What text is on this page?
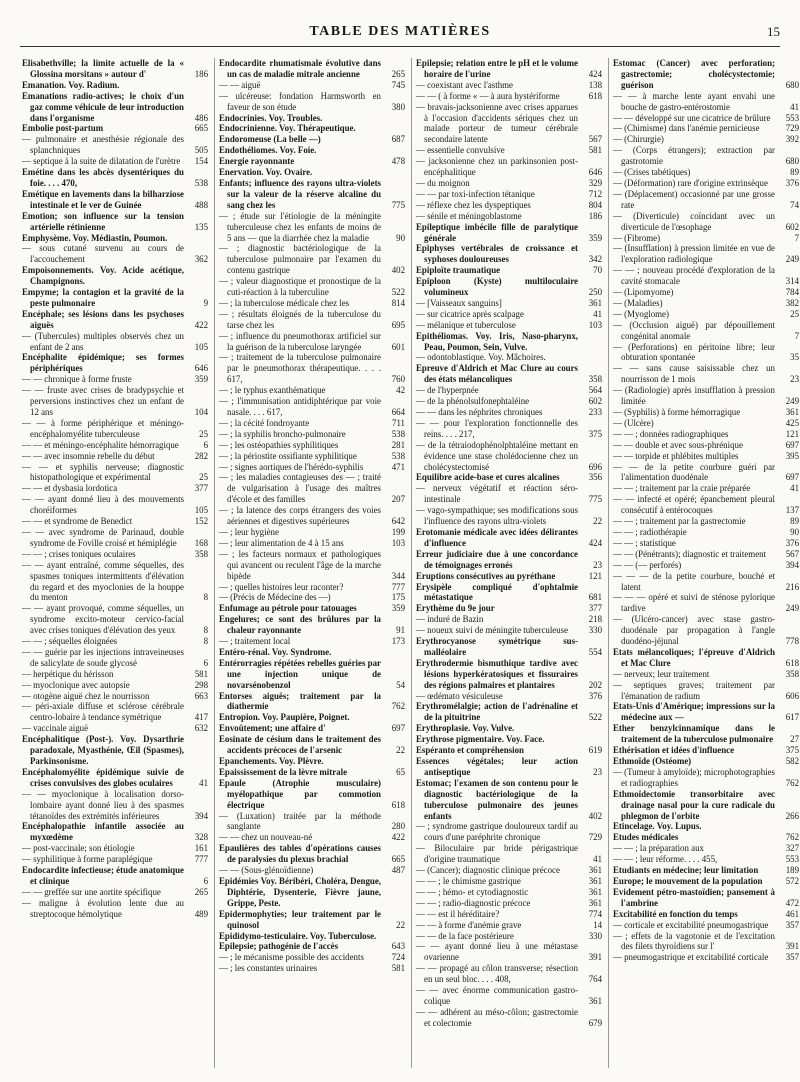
TABLE DES MATIÈRES	15

Elisabethville; la limite actuelle de la « Glossina morsitans » autour d'	186

Emanation. Voy. Radium.

Emanations radio-actives; le choix d'un gaz comme véhicule de leur introduction dans l'organisme	486

Embolie post-partum	665

— pulmonaire et anesthésie régionale des splanchniques	505

— septique à la suite de dilatation de l'urètre 154

Emétine dans les abcès dysentériques du foie. . . . 470,	538

Emétique en lavements dans la bilharziose intestinale et le ver de Guinée	488

Emotion; son influence sur la tension artérielle rétinienne	135

Emphysème. Voy. Médiastin, Poumon.

— sous cutané survenu au cours de l'accouchement	362

Empoisonnements. Voy. Acide acétique, Champignons.

Empyme; la contagion et la gravité de la peste pulmonaire	9

Encéphale; ses lésions dans les psychoses aiguës	422

— (Tubercules) multiples observés chez un enfant de 2 ans	105

Encéphalite épidémique; ses formes périphériques	646

— — chronique à forme fruste	359

— — fruste avec crises de bradypsychie et perversions instinctives chez un enfant de 12 ans	104

— — à forme périphérique et méningo-encéphalomyélite tuberculeuse	25

— — et méningo-encéphalite hémorragique	6

— — avec insomnie rebelle du début	282

— — et syphilis nerveuse; diagnostic histopathologique et expérimental	25

— — et dysbasia lordotica	377

— — ayant donné lieu à des mouvements choréiformes	105

— — et syndrome de Benedict	152

— — avec syndrome de Parinaud, double syndrome de Foville croisé et hémiplégie 168

— — ; crises toniques oculaires	358

— — ayant entraîné, comme séquelles, des spasmes toniques intermittents d'élévation du regard et des myoclonies de la houppe du menton	8

— — ayant provoqué, comme séquelles, un syndrome excito-moteur cervico-facial avec crises toniques d'élévation des yeux	8

— — ; séquelles éloignées	8

— — guérie par les injections intraveineuses de salicylate de soude glycosé	6

— herpétique du hérisson	581

— myoclonique avec autopsie	298

— otogène aiguë chez le nourrisson	663

— péri-axiale diffuse et sclérose cérébrale centro-lobaire à tendance symétrique	417

— vaccinale aiguë	632

Encéphalitique (Post-). Voy. Dysarthrie paradoxale, Myasthénie, Œil (Spasmes), Parkinsonisme.

Encéphalomyélite épidémique suivie de crises convulsives des globes oculaires	41

— — myoclonique à localisation dorso-lombaire ayant donné lieu à des spasmes tétanoïdes des extrémités inférieures	394

Encéphalopathie infantile associée au myxœdème	328

— post-vaccinale; son étiologie	161

— syphilitique à forme paraplégique	777

Endocardite infectieuse; étude anatomique et clinique	6

— — greffée sur une aortite spécifique	265

— maligne à évolution lente due au streptocoque hémolytique	489

Endocardite rhumatismale évolutive dans un cas de maladie mitrale ancienne	265

— — aiguë	745

— ulcéreuse: fondation Harmsworth en faveur de son étude	380

Endocrinies. Voy. Troubles.

Endocrinienne. Voy. Thérapeutique.

Endoromeuse (La belle —)	687

Endothéliomes. Voy. Foie.

Energie rayonnante	478

Enervation. Voy. Ovaire.

Enfants; influence des rayons ultra-violets sur la valeur de la réserve alcaline du sang chez les	775

— ; étude sur l'étiologie de la méningite tuberculeuse chez les enfants de moins de 5 ans — que la diarrhée chez la maladie	90

— ; diagnostic bactériologique de la tuberculose pulmonaire par l'examen du contenu gastrique	402

— ; valeur diagnostique et pronostique de la cuti-réaction à la tuberculine	522

— ; la tuberculose médicale chez les	814

— ; résultats éloignés de la tuberculose du tarse chez les	695

— ; influence du pneumothorax artificiel sur la guérison de la tuberculose laryngée	601

— ; traitement de la tuberculose pulmonaire par le pneumothorax thérapeutique. . . . 617,	760

— ; le typhus exanthématique	42

— ; l'immunisation antidiphtérique par voie nasale. . . . 617,	664

— ; la cécité fondroyante	711

— ; la syphilis broncho-pulmonaire	538

— ; les ostéopathies syphilitiques	281

— ; la périostite ossifiante syphilitique	538

— ; signes aortiques de l'hérédo-syphilis	471

— ; les maladies contagieuses des — ; traité de vulgarisation à l'usage des maîtres d'école et des familles	207

— ; la latence des corps étrangers des voies aériennes et digestives supérieures	642

— ; leur hygiène	199

— ; leur alimentation de 4 à 15 ans	103

— ; les facteurs normaux et pathologiques qui avancent ou reculent l'âge de la marche bipède	344

— ; quelles histoires leur raconter?	777

— (Précis de Médecine des —)	175

Enfumage au pétrole pour tatouages	359

Engelures; ce sont des brûlures par la chaleur rayonnante	91

— ; traitement local	173

Entéro-rénal. Voy. Syndrome.

Entérorragies répétées rebelles guéries par une injection unique de novarsénobenzol	54

Entorses aiguës; traitement par la diathermie	762

Entropion. Voy. Paupière, Poignet.

Envoûtement; une affaire d'	697

Eosinate de césium dans le traitement des accidents précoces de l'arsenic	22

Epanchements. Voy. Plèvre.

Epaississement de la lèvre mitrale	65

Epaule (Atrophie musculaire) myélopathique par commotion électrique	618

— (Luxation) traitée par la méthode sanglante	280

— — chez un nouveau-né	422

Epaulières des tables d'opérations causes de paralysies du plexus brachial	665

— — (Sous-glénoïdienne)	487

Epidémies Voy. Béribéri, Choléra, Dengue, Diphtérie, Dysenterie, Fièvre jaune, Grippe, Peste.

Epidermophyties; leur traitement par le quinosol	22

Epididymo-testiculaire. Voy. Tuberculose.

Epilepsie; pathogénie de l'accès	643

— ; le mécanisme possible des accidents	724

— ; les constantes urinaires	581

Epilepsie; relation entre le pH et le volume horaire de l'urine	424

— coexistant avec l'asthme	138

— — ( à forme « — à aura hystériforme	618

— bravais-jacksonienne avec crises apparues à l'occasion d'accidents sériques chez un malade porteur de tumeur cérébrale secondaire latente	567

— essentielle convulsive	581

— jacksonienne chez un parkinsonien post-encéphalitique	646

— du moignon	329

— — par toxi-infection tétanique	712

— réflexe chez les dyspeptiques	804

— sénile et méningoblastome	186

Epileptique imbécile fille de paralytique générale	359

Epiphyses vertébrales de croissance et syphoses douloureuses	342

Epiploïte traumatique	70

Epiploon (Kyste) multiloculaire volumineux	250

— [Vaisseaux sanguins]	361

— sur cicatrice après scalpage	41

— mélanique et tuberculose	103

Epithéliomas. Voy. Iris, Naso-pharynx, Peau, Poumon, Sein, Vulve.

— odontoblastique. Voy. Mâchoires.

Epreuve d'Aldrich et Mac Clure au cours des états mélancoliques	358

— de l'hyperpnée	564

— de la phénolsulfonephtaléine	602

— — dans les néphrites chroniques	233

— — pour l'exploration fonctionnelle des reins. . . . 217,	375

— de la tétraiodophénolphtaléine mettant en évidence une stase cholédocienne chez un cholécystectomisé	696

Equilibre acide-base et cures alcalines	356

— nerveux végétatif et réaction séro-intestinale	775

— vago-sympathique; ses modifications sous l'influence des rayons ultra-violets	22

Erotomanie médicale avec idées délirantes d'influence	424

Erreur judiciaire due à une concordance de témoignages erronés	23

Eruptions consécutives au pyréthane	121

Erysipèle compliqué d'ophtalmie métastatique	681

Erythème du 9e jour	377

— induré de Bazin	218

— noueux suivi de méningite tuberculeuse 330

Erythrocyanose symétrique sus-malléolaire	554

Erythrodermie bismuthique tardive avec lésions hyperkératosiques et fissuraires des régions palmaires et plantaires	202

— œdémato vésiculeuse	376

Erythromélalgie; action de l'adrénaline et de la pituitrine	522

Erythroplasie. Voy. Vulve.

Erythrose pigmentaire. Voy. Face.

Espéranto et compréhension	619

Essences végétales; leur action antiseptique	23

Estomac; l'examen de son contenu pour le diagnostic bactériologique de la tuberculose pulmonaire des jeunes enfants	402

— ; syndrome gastrique douloureux tardif au cours d'une paréphrite chronique	729

— Biloculaire par bride périgastrique d'origine traumatique	41

— (Cancer); diagnostic clinique précoce	361

— — ; le chimisme gastrique	361

— — ; hémo- et cytodiagnostic	361

— — ; radio-diagnostic précoce	361

— — est il héréditaire?	774

— — à forme d'anémie grave	14

— — de la face postérieure	330

— — ayant donné lieu à une métastase ovarienne	391

— — propagé au côlon transverse; résection en un seul bloc. . . . 408,	764

— — avec énorme communication gastro-colique	361

— — adhérent au méso-côlon; gastrectomie et colectomie	679

Estomac (Cancer) avec perforation; gastrectomie; cholécystectomie; guérison	680

— — à marche lente ayant envahi une bouche de gastro-entérostomie	41

— — développé sur une cicatrice de brûlure 553

— (Chimisme) dans l'anémie pernicieuse	729

— (Chirurgie)	392

— (Corps étrangers); extraction par gastrotomie	680

— (Crises tabétiques)	89

— (Déformation) rare d'origine extrinsèque 376

— (Déplacement) occasionné par une grosse rate	74

— (Diverticule) coïncidant avec un diverticule de l'œsophage	602

— (Fibrome)	7

— (Insufflation) à pression limitée en vue de l'exploration radiologique	249

— — ; nouveau procédé d'exploration de la cavité stomacale	314

— (Lipomyome)	784

— (Maladies)	382

— (Myoglome)	25

— (Occlusion aiguë) par dépouillement congénital anomale	7

— (Perforations) en péritoine libre; leur obturation spontanée	35

— — sans cause saisissable chez un nourrisson de 1 mois	23

— (Radiologie) après insufflation à pression limitée	249

— (Syphilis) à forme hémorragique	361

— (Ulcère)	425

— — ; données radiographiques	121

— — double et avec sous-phrénique	697

— — torpide et phlébites multiples	395

— — de la petite courbure guéri par l'alimentation duodénale	697

— — ; traitement par la craie préparée	41

— — infecté et opéré; épanchement pleural consécutif à entérocoques	137

— — ; traitement par la gastrectomie	89

— — ; radiothérapie	90

— — ; statistique	376

— — (Pénétrants); diagnostic et traitement 567

— — (— perforés)	394

— — — de la petite courbure, bouché et latent	216

— — — opéré et suivi de sténose pylorique tardive	249

— (Ulcéro-cancer) avec stase gastro-duodénale par propagation à l'angle duodéno-jéjunal	778

Etats mélancoliques; l'épreuve d'Aldrich et Mac Clure	618

— nerveux; leur traitement	358

— septiques graves; traitement par l'émanation de radium	606

Etats-Unis d'Amérique; impressions sur la médecine aux —	617

Ether benzylcinnamique dans le traitement de la tuberculose pulmonaire 27

Ethérisation et idées d'influence	375

Ethmoïde (Ostéome)	582

— (Tumeur à amyloïde); microphotographies et radiographies	762

Ethmoïdectomie transorbitaire avec drainage nasal pour la cure radicale du phlegmon de l'orbite	266

Etincelage. Voy. Lupus.

Etudes médicales	762

— — ; la préparation aux	327

— — ; leur réforme. . . . 455,	553

Etudiants en médecine; leur limitation	189

Europe; le mouvement de la population	572

Evidement pétro-mastoïdien; pansement à l'ambrine	472

Excitabilité en fonction du temps	461

— corticale et excitabilité pneumogastrique 357

— ; effets de la vagotonie et de l'excitation des filets thyroïdiens sur l'	391

— pneumogastrique et excitabilité corticale 357
